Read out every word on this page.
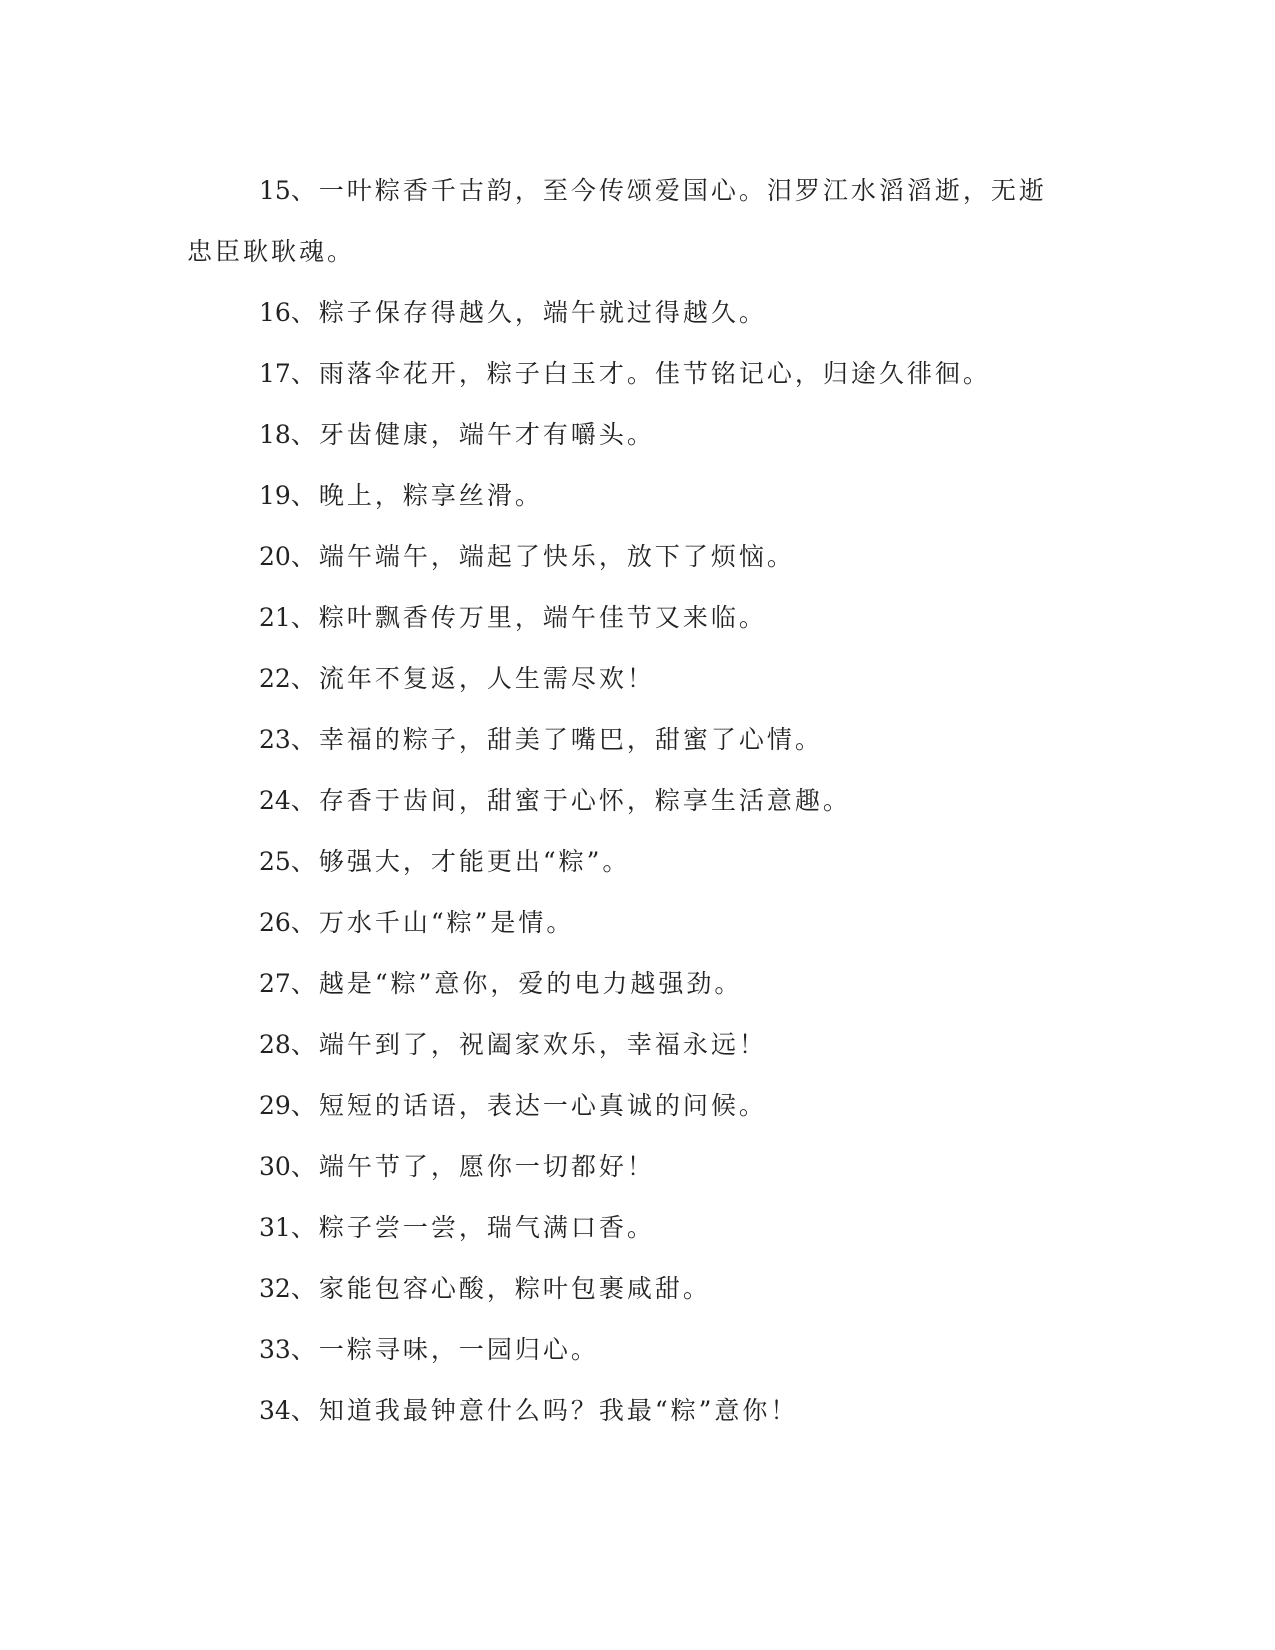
15、一叶粽香千古韵，至今传颂爱国心。汨罗江水滔滔逝，无逝忠臣耿耿魂。

16、粽子保存得越久，端午就过得越久。

17、雨落伞花开，粽子白玉才。佳节铭记心，归途久徘徊。

18、牙齿健康，端午才有嚼头。

19、晚上，粽享丝滑。

20、端午端午，端起了快乐，放下了烦恼。

21、粽叶飘香传万里，端午佳节又来临。

22、流年不复返，人生需尽欢！

23、幸福的粽子，甜美了嘴巴，甜蜜了心情。

24、存香于齿间，甜蜜于心怀，粽享生活意趣。

25、够强大，才能更出“粽”。

26、万水千山“粽”是情。

27、越是“粽”意你，爱的电力越强劲。

28、端午到了，祝阖家欢乐，幸福永远！

29、短短的话语，表达一心真诚的问候。

30、端午节了，愿你一切都好！

31、粽子尝一尝，瑞气满口香。

32、家能包容心酸，粽叶包裹咸甜。

33、一粽寻味，一园归心。

34、知道我最钟意什么吗？我最“粽”意你！
